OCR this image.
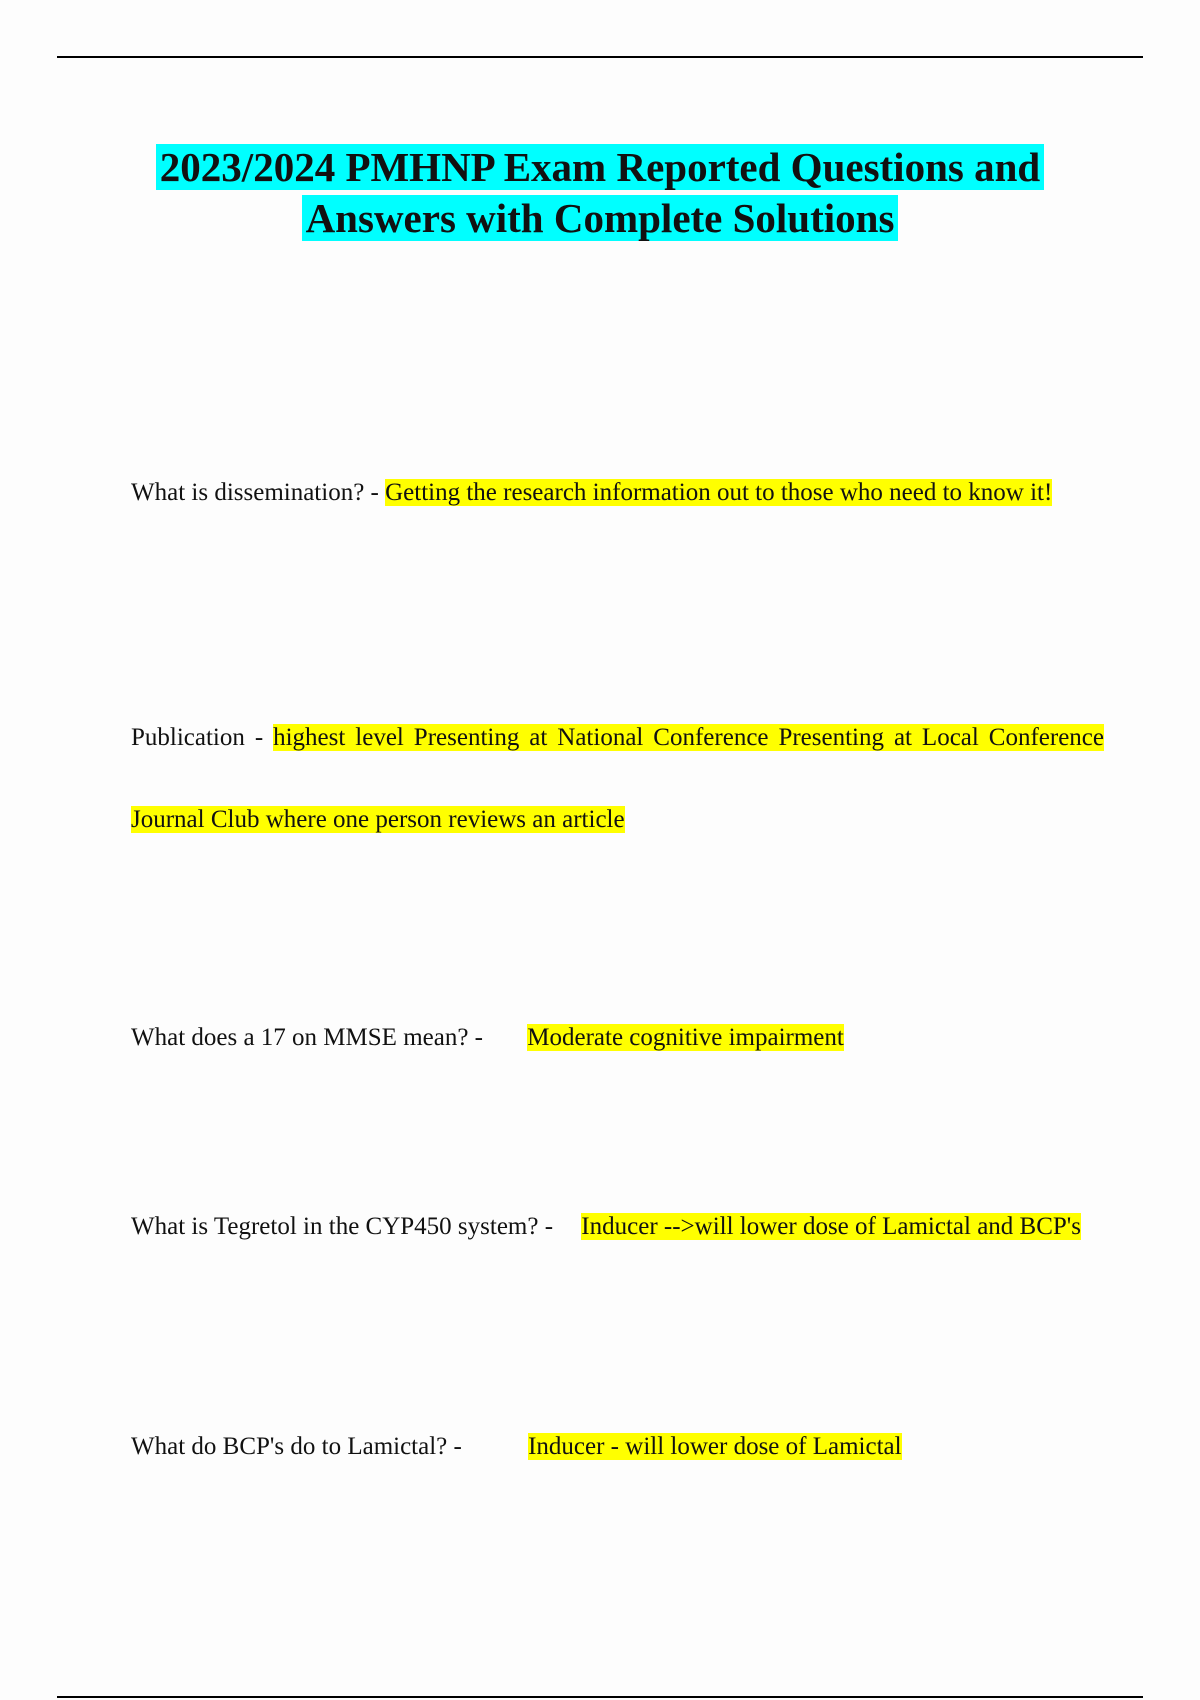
2023/2024 PMHNP Exam Reported Questions and Answers with Complete Solutions

What is dissemination? - Getting the research information out to those who need to know it!

Publication - highest level Presenting at National Conference Presenting at Local Conference Journal Club where one person reviews an article

What does a 17 on MMSE mean? - Moderate cognitive impairment

What is Tegretol in the CYP450 system? - Inducer -->will lower dose of Lamictal and BCP's

What do BCP's do to Lamictal? - Inducer - will lower dose of Lamictal
